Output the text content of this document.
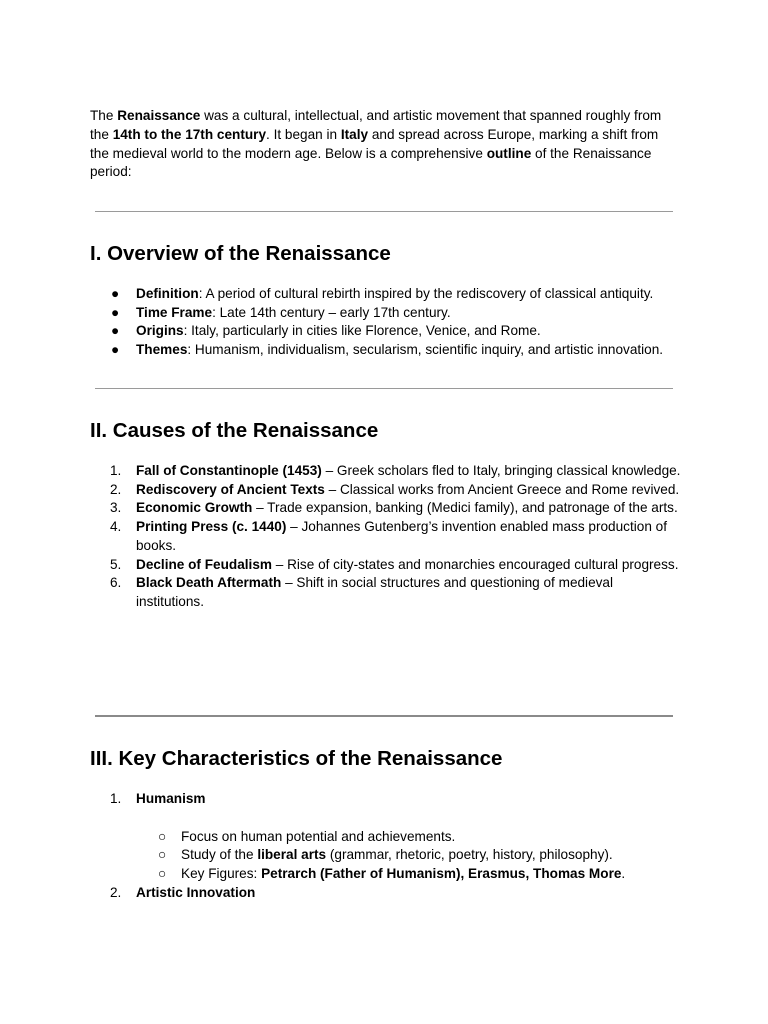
The Renaissance was a cultural, intellectual, and artistic movement that spanned roughly from the 14th to the 17th century. It began in Italy and spread across Europe, marking a shift from the medieval world to the modern age. Below is a comprehensive outline of the Renaissance period:

I. Overview of the Renaissance
● Definition: A period of cultural rebirth inspired by the rediscovery of classical antiquity.
● Time Frame: Late 14th century – early 17th century.
● Origins: Italy, particularly in cities like Florence, Venice, and Rome.
● Themes: Humanism, individualism, secularism, scientific inquiry, and artistic innovation.
II. Causes of the Renaissance
1. Fall of Constantinople (1453) – Greek scholars fled to Italy, bringing classical knowledge.
2. Rediscovery of Ancient Texts – Classical works from Ancient Greece and Rome revived.
3. Economic Growth – Trade expansion, banking (Medici family), and patronage of the arts.
4. Printing Press (c. 1440) – Johannes Gutenberg’s invention enabled mass production of books.
5. Decline of Feudalism – Rise of city-states and monarchies encouraged cultural progress.
6. Black Death Aftermath – Shift in social structures and questioning of medieval institutions.
III. Key Characteristics of the Renaissance
1. Humanism
○ Focus on human potential and achievements.
○ Study of the liberal arts (grammar, rhetoric, poetry, history, philosophy).
○ Key Figures: Petrarch (Father of Humanism), Erasmus, Thomas More.
2. Artistic Innovation
